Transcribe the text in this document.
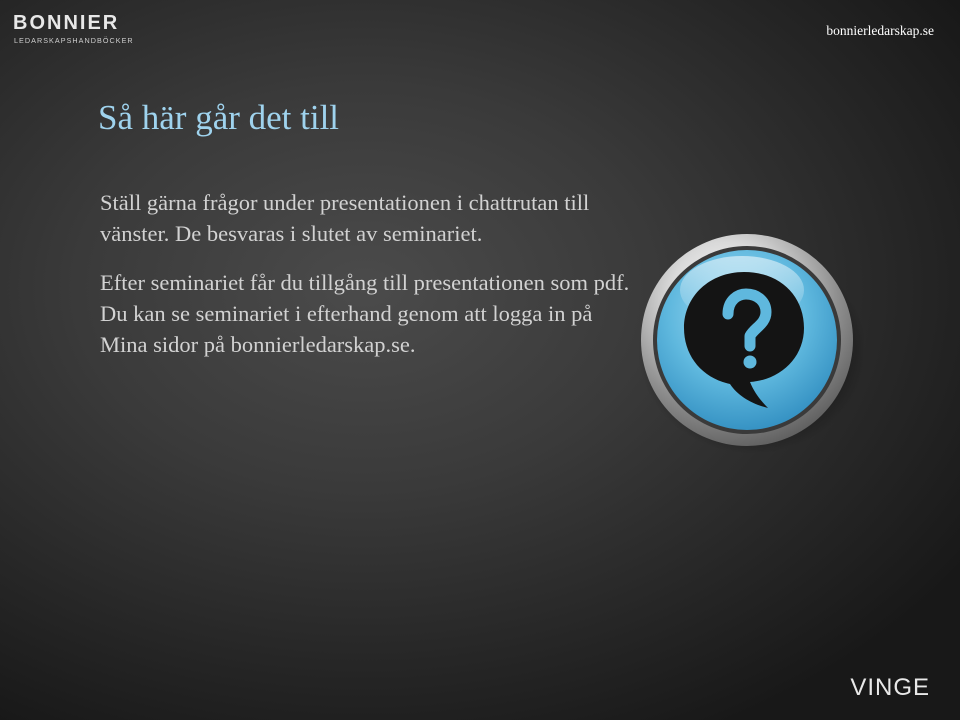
BONNIER
LEDARSKAPSHANDBÖCKER
bonnierledarskap.se
Så här går det till

Ställ gärna frågor under presentationen i chattrutan till vänster. De besvaras i slutet av seminariet.

Efter seminariet får du tillgång till presentationen som pdf. Du kan se seminariet i efterhand genom att logga in på Mina sidor på bonnierledarskap.se.

VINGE
